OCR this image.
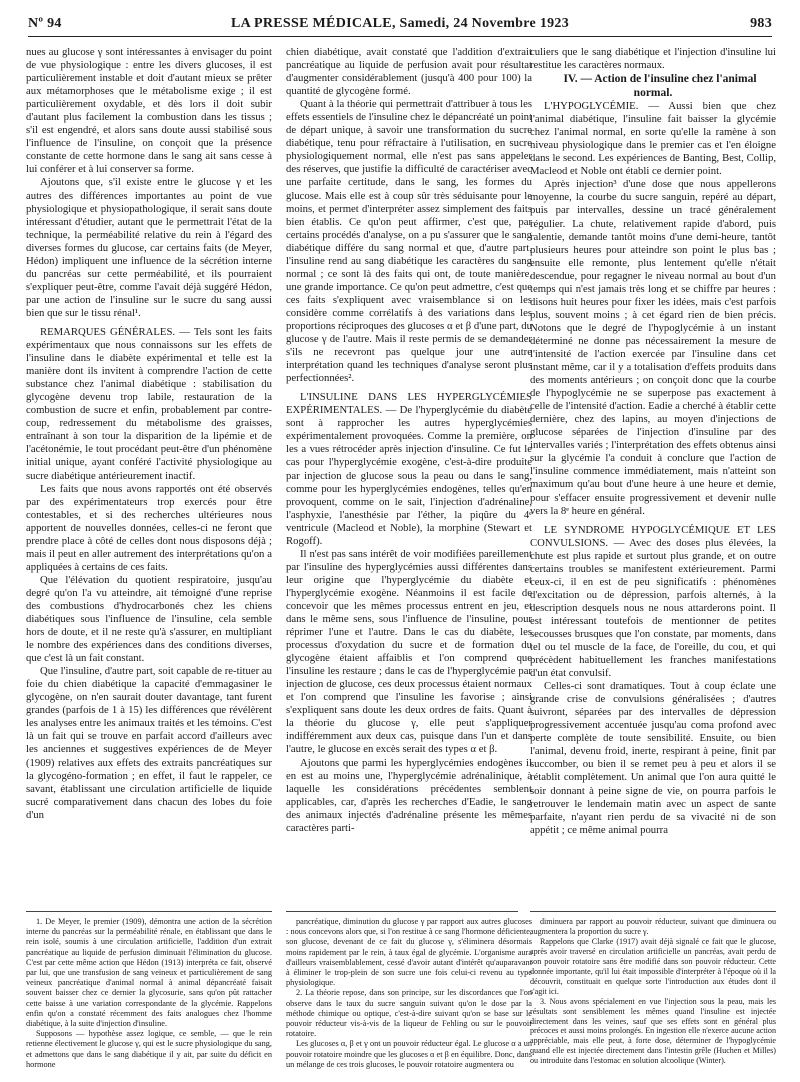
Nº 94	LA PRESSE MÉDICALE, Samedi, 24 Novembre 1923	983

nues au glucose γ sont intéressantes à envisager du point de vue physiologique : entre les divers glucoses, il est particulièrement instable et doit d'autant mieux se prêter aux métamorphoses que le métabolisme exige ; il est particulièrement oxydable, et dès lors il doit subir d'autant plus facilement la combustion dans les tissus ; s'il est engendré, et alors sans doute aussi stabilisé sous l'influence de l'insuline, on conçoit que la présence constante de cette hormone dans le sang ait sans cesse à lui conférer et à lui conserver sa forme.

Ajoutons que, s'il existe entre le glucose γ et les autres des différences importantes au point de vue physiologique et physiopathologique, il serait sans doute intéressant d'étudier, autant que le permettrait l'état de la technique, la perméabilité relative du rein à l'égard des diverses formes du glucose, car certains faits (de Meyer, Hédon) impliquent une influence de la sécrétion interne du pancréas sur cette perméabilité, et ils pourraient s'expliquer peut-être, comme l'avait déjà suggéré Hédon, par une action de l'insuline sur le sucre du sang aussi bien que sur le tissu rénal¹.

REMARQUES GÉNÉRALES. — Tels sont les faits expérimentaux que nous connaissons sur les effets de l'insuline dans le diabète expérimental et telle est la manière dont ils invitent à comprendre l'action de cette substance chez l'animal diabétique : stabilisation du glycogène devenu trop labile, restauration de la combustion de sucre et enfin, probablement par contre-coup, redressement du métabolisme des graisses, entraînant à son tour la disparition de la lipémie et de l'acétonémie, le tout procédant peut-être d'un phénomène initial unique, ayant conféré l'activité physiologique au sucre diabétique antérieurement inactif.

Les faits que nous avons rapportés ont été observés par des expérimentateurs trop exercés pour être contestables, et si des recherches ultérieures nous apportent de nouvelles données, celles-ci ne feront que prendre place à côté de celles dont nous disposons déjà ; mais il peut en aller autrement des interprétations qu'on a appliquées à certains de ces faits.

Que l'élévation du quotient respiratoire, jusqu'au degré qu'on l'a vu atteindre, ait témoigné d'une reprise des combustions d'hydrocarbonés chez les chiens diabétiques sous l'influence de l'insuline, cela semble hors de doute, et il ne reste qu'à s'assurer, en multipliant le nombre des expériences dans des conditions diverses, que c'est là un fait constant.

Que l'insuline, d'autre part, soit capable de re-tituer au foie du chien diabétique la capacité d'emmagasiner le glycogène, on n'en saurait douter davantage, tant furent grandes (parfois de 1 à 15) les différences que révélèrent les analyses entre les animaux traités et les témoins. C'est là un fait qui se trouve en parfait accord d'ailleurs avec les anciennes et suggestives expériences de de Meyer (1909) relatives aux effets des extraits pancréatiques sur la glycogéno-formation ; en effet, il faut le rappeler, ce savant, établissant une circulation artificielle de liquide sucré comparativement dans chacun des lobes du foie d'un

chien diabétique, avait constaté que l'addition d'extrait pancréatique au liquide de perfusion avait pour résultat d'augmenter considérablement (jusqu'à 400 pour 100) la quantité de glycogène formé.

Quant à la théorie qui permettrait d'attribuer à tous les effets essentiels de l'insuline chez le dépancréaté un point de départ unique, à savoir une transformation du sucre diabétique, tenu pour réfractaire à l'utilisation, en sucre physiologiquement normal, elle n'est pas sans appeler des réserves, que justifie la difficulté de caractériser avec une parfaite certitude, dans le sang, les formes du glucose. Mais elle est à coup sûr très séduisante pour le moins, et permet d'interpréter assez simplement des faits bien établis. Ce qu'on peut affirmer, c'est que, par certains procédés d'analyse, on a pu s'assurer que le sang diabétique différe du sang normal et que, d'autre part, l'insuline rend au sang diabétique les caractères du sang normal ; ce sont là des faits qui ont, de toute manière, une grande importance. Ce qu'on peut admettre, c'est que ces faits s'expliquent avec vraisemblance si on les considère comme corrélatifs à des variations dans les proportions réciproques des glucoses α et β d'une part, du glucose γ de l'autre. Mais il reste permis de se demander s'ils ne recevront pas quelque jour une autre interprétation quand les techniques d'analyse seront plus perfectionnées².

L'INSULINE DANS LES HYPERGLYCÉMIES EXPÉRIMENTALES. — De l'hyperglycémie du diabète sont à rapprocher les autres hyperglycémies expérimentalement provoquées. Comme la première, on les a vues rétrocéder après injection d'insuline. Ce fut le cas pour l'hyperglycémie exogène, c'est-à-dire produite par injection de glucose sous la peau ou dans le sang, comme pour les hyperglycémies endogènes, telles qu'en provoquent, comme on le sait, l'injection d'adrénaline, l'asphyxie, l'anesthésie par l'éther, la piqûre du 4ᵉ ventricule (Macleod et Noble), la morphine (Stewart et Rogoff).

Il n'est pas sans intérêt de voir modifiées pareillement par l'insuline des hyperglycémies aussi différentes dans leur origine que l'hyperglycémie du diabète et l'hyperglycémie exogène. Néanmoins il est facile de concevoir que les mêmes processus entrent en jeu, et dans le même sens, sous l'influence de l'insuline, pour réprimer l'une et l'autre. Dans le cas du diabète, les processus d'oxydation du sucre et de formation du glycogène étaient affaiblis et l'on comprend que l'insuline les restaure ; dans le cas de l'hyperglycémie par injection de glucose, ces deux processus étaient normaux et l'on comprend que l'insuline les favorise ; ainsi s'expliquent sans doute les deux ordres de faits. Quant à la théorie du glucose γ, elle peut s'appliquer indifféremment aux deux cas, puisque dans l'un et dans l'autre, le glucose en excès serait des types α et β.

Ajoutons que parmi les hyperglycémies endogènes il en est au moins une, l'hyperglycémie adrénalinique, à laquelle les considérations précédentes semblent applicables, car, d'après les recherches d'Eadie, le sang des animaux injectés d'adrénaline présente les mêmes caractères parti-

culiers que le sang diabétique et l'injection d'insuline lui restitue les caractères normaux.

IV. — Action de l'insuline chez l'animal normal.

L'HYPOGLYCÉMIE. — Aussi bien que chez l'animal diabétique, l'insuline fait baisser la glycémie chez l'animal normal, en sorte qu'elle la ramène à son niveau physiologique dans le premier cas et l'en éloigne dans le second. Les expériences de Banting, Best, Collip, Macleod et Noble ont établi ce dernier point.

Après injection³ d'une dose que nous appellerons moyenne, la courbe du sucre sanguin, repéré au départ, puis par intervalles, dessine un tracé généralement régulier. La chute, relativement rapide d'abord, puis ralentie, demande tantôt moins d'une demi-heure, tantôt plusieurs heures pour atteindre son point le plus bas ; ensuite elle remonte, plus lentement qu'elle n'était descendue, pour regagner le niveau normal au bout d'un temps qui n'est jamais très long et se chiffre par heures : disons huit heures pour fixer les idées, mais c'est parfois plus, souvent moins ; à cet égard rien de bien précis. Notons que le degré de l'hypoglycémie à un instant déterminé ne donne pas nécessairement la mesure de l'intensité de l'action exercée par l'insuline dans cet instant même, car il y a totalisation d'effets produits dans des moments antérieurs ; on conçoit donc que la courbe de l'hypoglycémie ne se superpose pas exactement à celle de l'intensité d'action. Eadie a cherché à établir cette dernière, chez des lapins, au moyen d'injections de glucose séparées de l'injection d'insuline par des intervalles variés ; l'interprétation des effets obtenus ainsi sur la glycémie l'a conduit à conclure que l'action de l'insuline commence immédiatement, mais n'atteint son maximum qu'au bout d'une heure à une heure et demie, pour s'effacer ensuite progressivement et devenir nulle vers la 8ᵉ heure en général.

LE SYNDROME HYPOGLYCÉMIQUE ET LES CONVULSIONS. — Avec des doses plus élevées, la chute est plus rapide et surtout plus grande, et on outre certains troubles se manifestent extérieurement. Parmi ceux-ci, il en est de peu significatifs : phénomènes d'excitation ou de dépression, parfois alternés, à la description desquels nous ne nous attarderons point. Il est intéressant toutefois de mentionner de petites secousses brusques que l'on constate, par moments, dans tel ou tel muscle de la face, de l'oreille, du cou, et qui précèdent habituellement les franches manifestations d'un état convulsif.

Celles-ci sont dramatiques. Tout à coup éclate une grande crise de convulsions généralisées ; d'autres suivront, séparées par des intervalles de dépression progressivement accentuée jusqu'au coma profond avec perte complète de toute sensibilité. Ensuite, ou bien l'animal, devenu froid, inerte, respirant à peine, finit par succomber, ou bien il se remet peu à peu et alors il se rétablit complètement. Un animal que l'on aura quitté le soir donnant à peine signe de vie, on pourra parfois le retrouver le lendemain matin avec un aspect de sante parfaite, n'ayant rien perdu de sa vivacité ni de son appétit ; ce même animal pourra

1. De Meyer, le premier (1909), démontra une action de la sécrétion interne du pancréas sur la perméabilité rénale, en établissant que dans le rein isolé, soumis à une circulation artificielle, l'addition d'un extrait pancréatique au liquide de perfusion diminuait l'élimination du glucose. C'est par cette même action que Hédon (1913) interpréta ce fait, observé par lui, que une transfusion de sang veineux et particulièrement de sang veineux pancréatique d'animal normal à animal dépancréaté faisait souvent baisser chez ce dernier la glycosurie, sans qu'on pût rattacher cette baisse à une variation correspondante de la glycémie. Rappelons enfin qu'on a constaté récemment des faits analogues chez l'homme diabétique, à la suite d'injection d'insuline.

Supposons — hypothèse assez logique, ce semble, — que le rein retienne électivement le glucose γ, qui est le sucre physiologique du sang, et admettons que dans le sang diabétique il y ait, par suite du déficit en hormone

pancréatique, diminution du glucose γ par rapport aux autres glucoses : nous concevons alors que, si l'on restitue à ce sang l'hormone déficiente, son glucose, devenant de ce fait du glucose γ, s'éliminera désormais moins rapidement par le rein, à taux égal de glycémie. L'organisme aura d'ailleurs vraisemblablement, cessé d'avoir autant d'intérêt qu'auparavant à éliminer le trop-plein de son sucre une fois celui-ci revenu au type physiologique.

2. La théorie repose, dans son principe, sur les discordances que l'on observe dans le taux du sucre sanguin suivant qu'on le dose par la méthode chimique ou optique, c'est-à-dire suivant qu'on se base sur le pouvoir réducteur vis-à-vis de la liqueur de Fehling ou sur le pouvoir rotatoire.

Les glucoses α, β et γ ont un pouvoir réducteur égal. Le glucose α a un pouvoir rotatoire moindre que les glucoses α et β en équilibre. Donc, dans un mélange de ces trois glucoses, le pouvoir rotatoire augmentera ou

diminuera par rapport au pouvoir réducteur, suivant que diminuera ou augmentera la proportion du sucre γ.

Rappelons que Clarke (1917) avait déjà signalé ce fait que le glucose, après avoir traversé en circulation artificielle un pancréas, avait perdu de son pouvoir rotatoire sans être modifié dans son pouvoir réducteur. Cette donnée importante, qu'il lui était impossible d'interpréter à l'époque où il la découvrit, constituait en quelque sorte l'introduction aux études dont il s'agit ici.

3. Nous avons spécialement en vue l'injection sous la peau, mais les résultats sont sensiblement les mêmes quand l'insuline est injectée directement dans les veines, sauf que ses effets sont en général plus précoces et aussi moins prolongés. En ingestion elle n'exerce aucune action appréciable, mais elle peut, à forte dose, déterminer de l'hypoglycémie quand elle est injectée directement dans l'intestin grêle (Huchen et Milles) ou introduite dans l'estomac en solution alcoolique (Winter).
